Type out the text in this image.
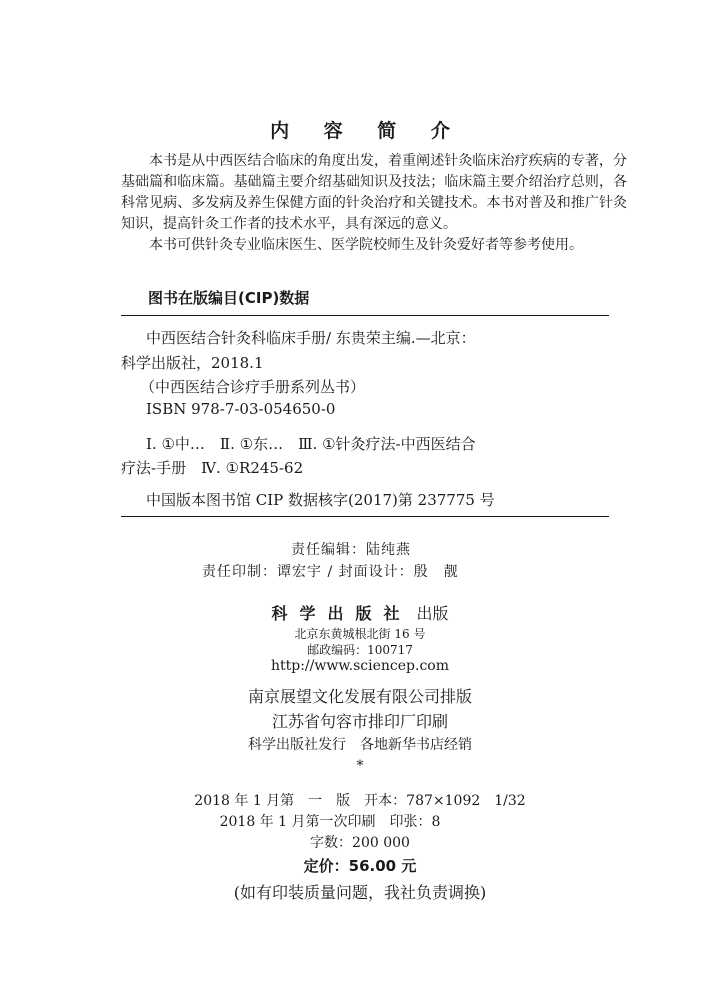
内 容 简 介

本书是从中西医结合临床的角度出发，着重阐述针灸临床治疗疾病的专著，分基础篇和临床篇。基础篇主要介绍基础知识及技法；临床篇主要介绍治疗总则，各科常见病、多发病及养生保健方面的针灸治疗和关键技术。本书对普及和推广针灸知识，提高针灸工作者的技术水平，具有深远的意义。

本书可供针灸专业临床医生、医学院校师生及针灸爱好者等参考使用。

图书在版编目(CIP)数据
中西医结合针灸科临床手册/ 东贵荣主编.—北京：
科学出版社，2018.1
（中西医结合诊疗手册系列丛书）
ISBN 978-7-03-054650-0
Ⅰ. ①中…　Ⅱ. ①东…　Ⅲ. ①针灸疗法-中西医结合
疗法-手册　Ⅳ. ①R245-62
中国版本图书馆 CIP 数据核字(2017)第 237775 号
责任编辑：陆纯燕
责任印制：谭宏宇 / 封面设计：殷　靓
科学出版社 出版
北京东黄城根北街 16 号
邮政编码：100717
http://www.sciencep.com
南京展望文化发展有限公司排版
江苏省句容市排印厂印刷
科学出版社发行　各地新华书店经销
*
2018 年 1 月第　一　版　开本：787×1092　1/32
2018 年 1 月第一次印刷　印张：8
字数：200 000
定价：56.00 元
(如有印装质量问题，我社负责调换)
